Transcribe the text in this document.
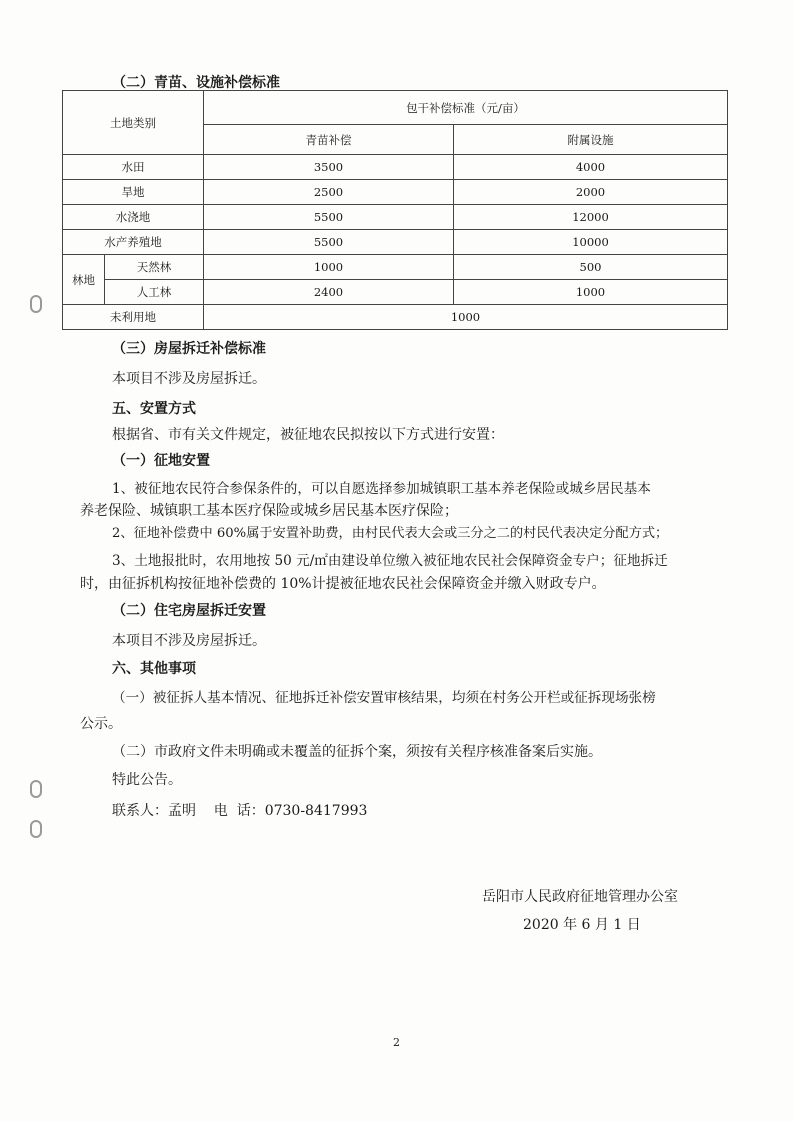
（二）青苗、设施补偿标准
土地类别		包干补偿标准（元/亩）	
		青苗补偿	附属设施
水田		3500	4000
旱地		2500	2000
水浇地		5500	12000
水产养殖地		5500	10000
林地	天然林	1000	500
	人工林	2400	1000
未利用地		1000	
（三）房屋拆迁补偿标准
本项目不涉及房屋拆迁。
五、安置方式
根据省、市有关文件规定，被征地农民拟按以下方式进行安置：
（一）征地安置
1、被征地农民符合参保条件的，可以自愿选择参加城镇职工基本养老保险或城乡居民基本
养老保险、城镇职工基本医疗保险或城乡居民基本医疗保险；
2、征地补偿费中 60%属于安置补助费，由村民代表大会或三分之二的村民代表决定分配方式；
3、土地报批时，农用地按 50 元/㎡由建设单位缴入被征地农民社会保障资金专户；征地拆迁
时，由征拆机构按征地补偿费的 10%计提被征地农民社会保障资金并缴入财政专户。
（二）住宅房屋拆迁安置
本项目不涉及房屋拆迁。
六、其他事项
（一）被征拆人基本情况、征地拆迁补偿安置审核结果，均须在村务公开栏或征拆现场张榜
公示。
（二）市政府文件未明确或未覆盖的征拆个案，须按有关程序核准备案后实施。
特此公告。
联系人：孟明    电  话：0730-8417993
岳阳市人民政府征地管理办公室
2020 年 6 月 1 日
2
